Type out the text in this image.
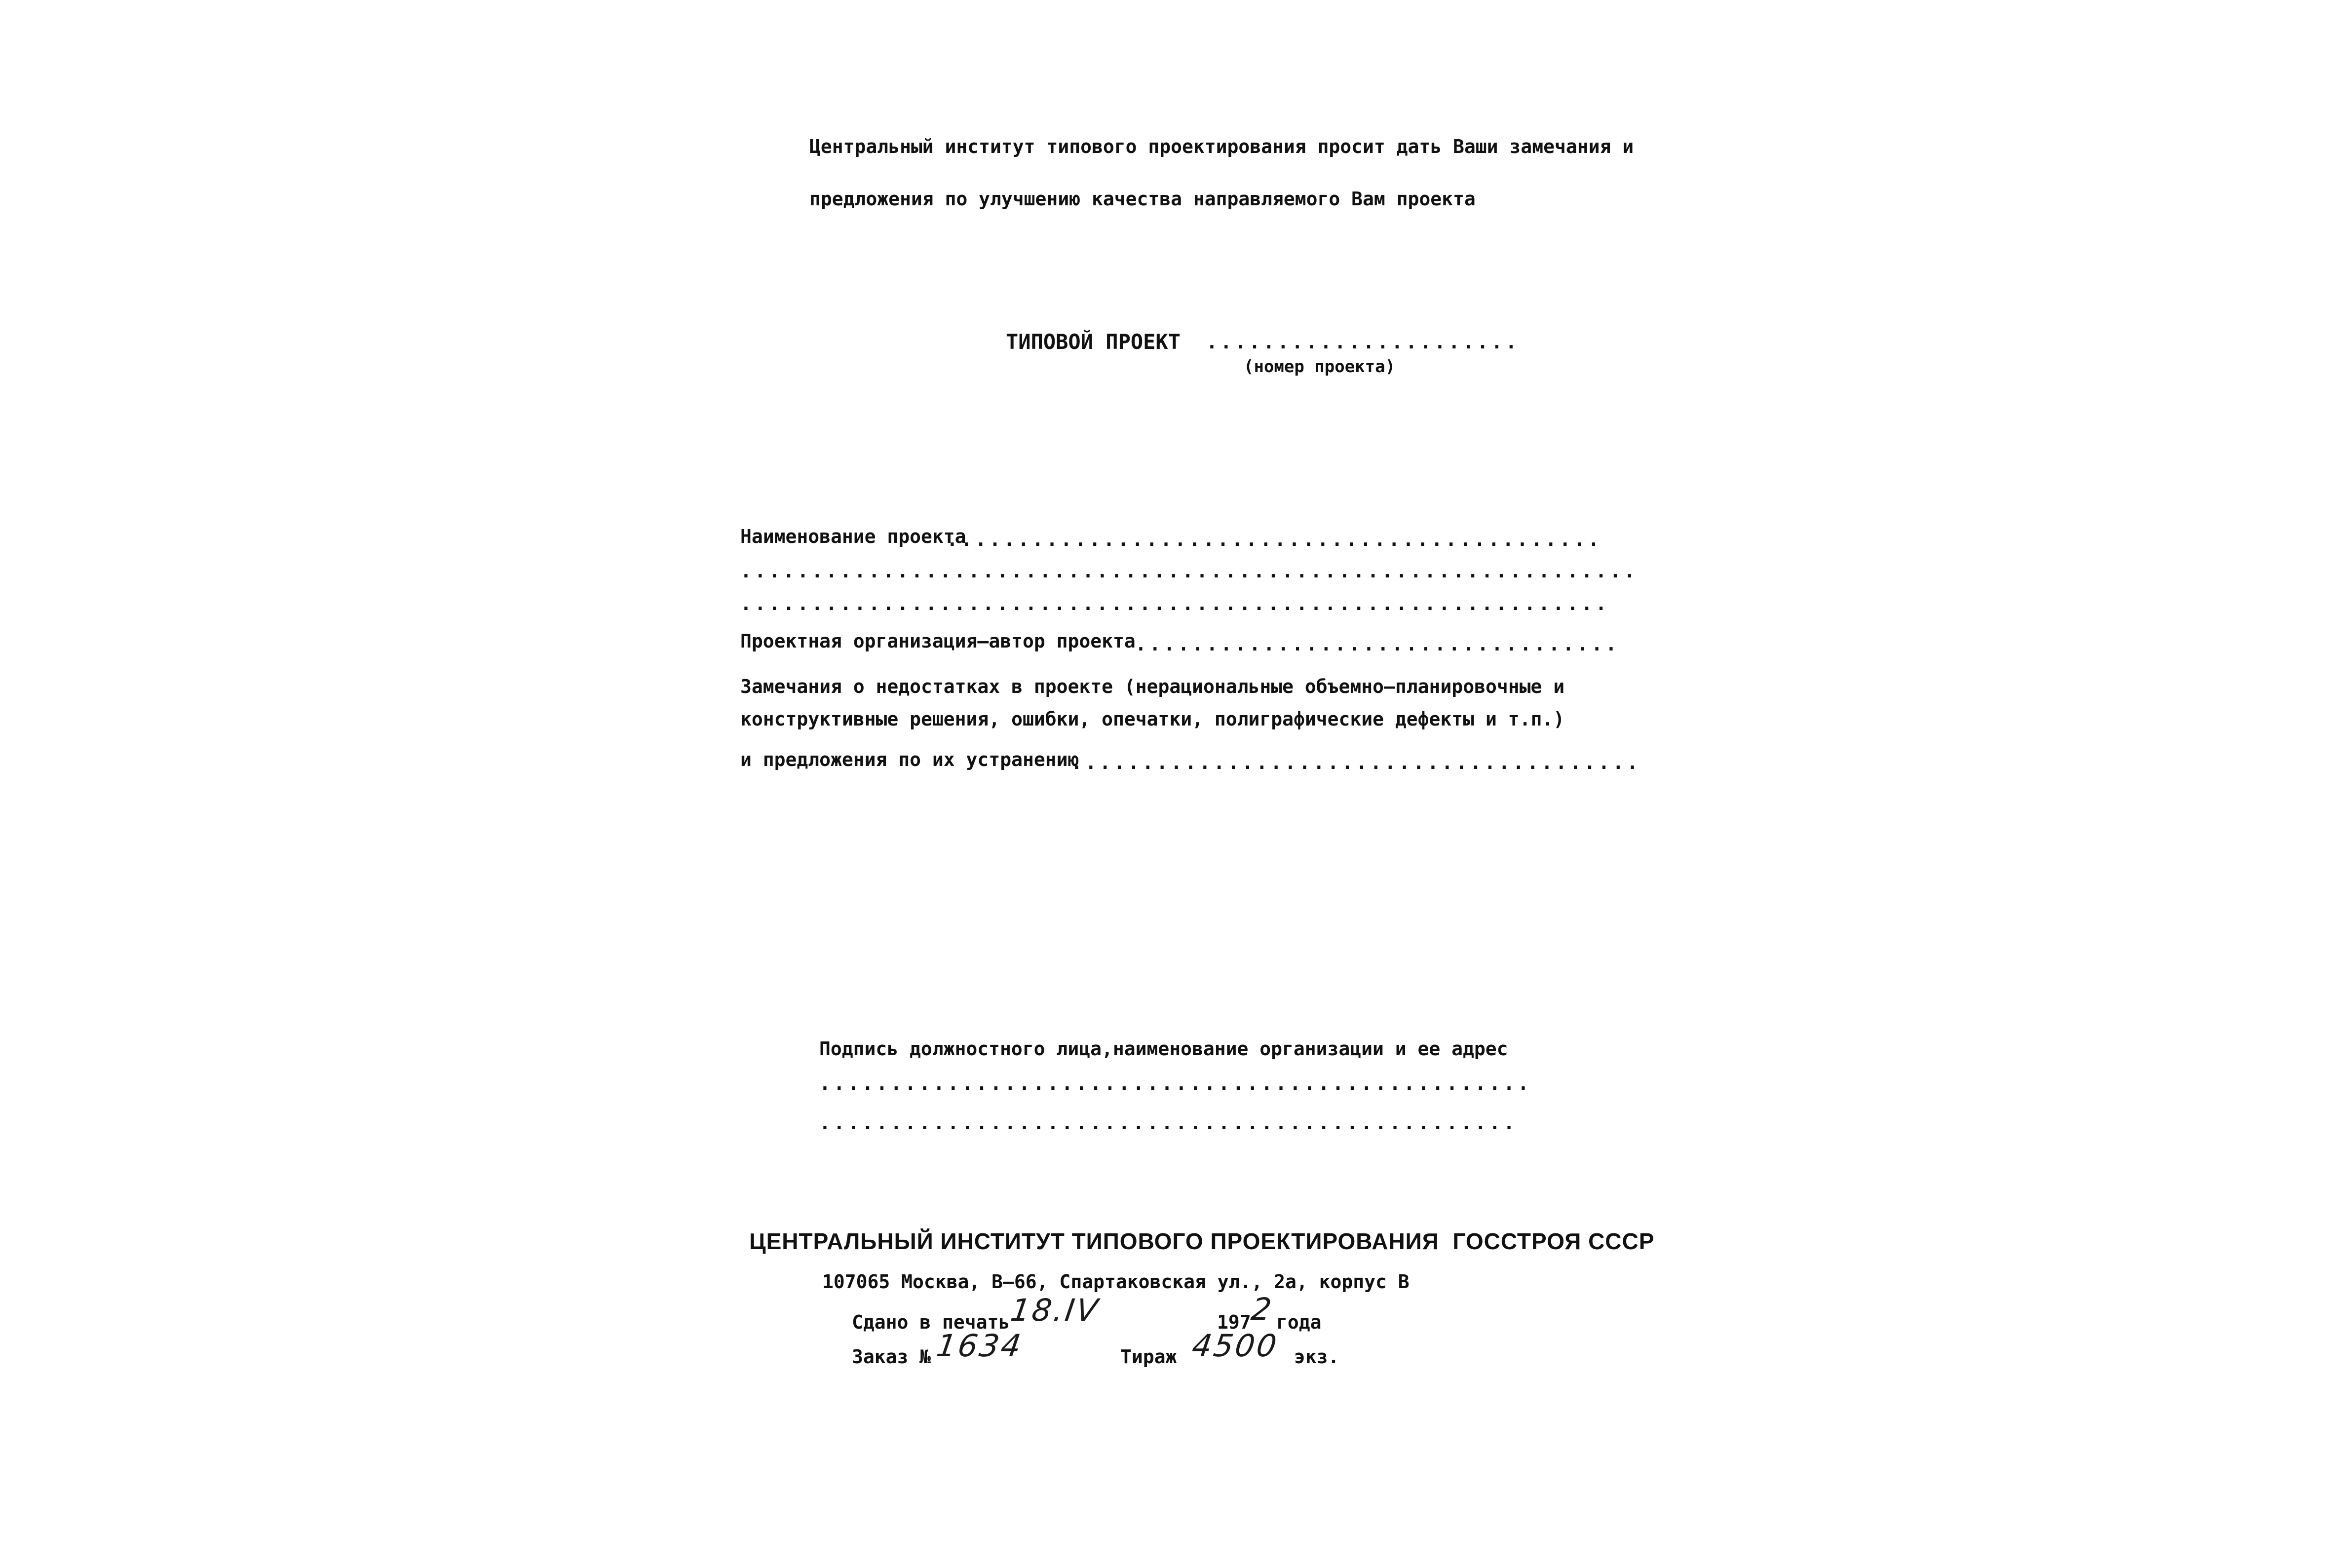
Центральный институт типового проектирования просит дать Ваши замечания и
предложения по улучшению качества направляемого Вам проекта
ТИПОВОЙ ПРОЕКТ ......................
(номер проекта)
Наименование проекта
..............................................
...............................................................
.............................................................
Проектная организация—автор проекта ..................................
Замечания о недостатках в проекте (нерациональные объемно—планировочные и
конструктивные решения, ошибки, опечатки, полиграфические дефекты и т.п.)
и предложения по их устранению
........................................
Подпись должностного лица,наименование организации и ее адрес
..................................................
.................................................
ЦЕНТРАЛЬНЫЙ ИНСТИТУТ ТИПОВОГО ПРОЕКТИРОВАНИЯ  ГОССТРОЯ СССР
107065 Москва, В—66, Спартаковская ул., 2а, корпус В
Сдано в печать
18.IV	197
2 года
Заказ № 1634	Тираж 4500 экз.
